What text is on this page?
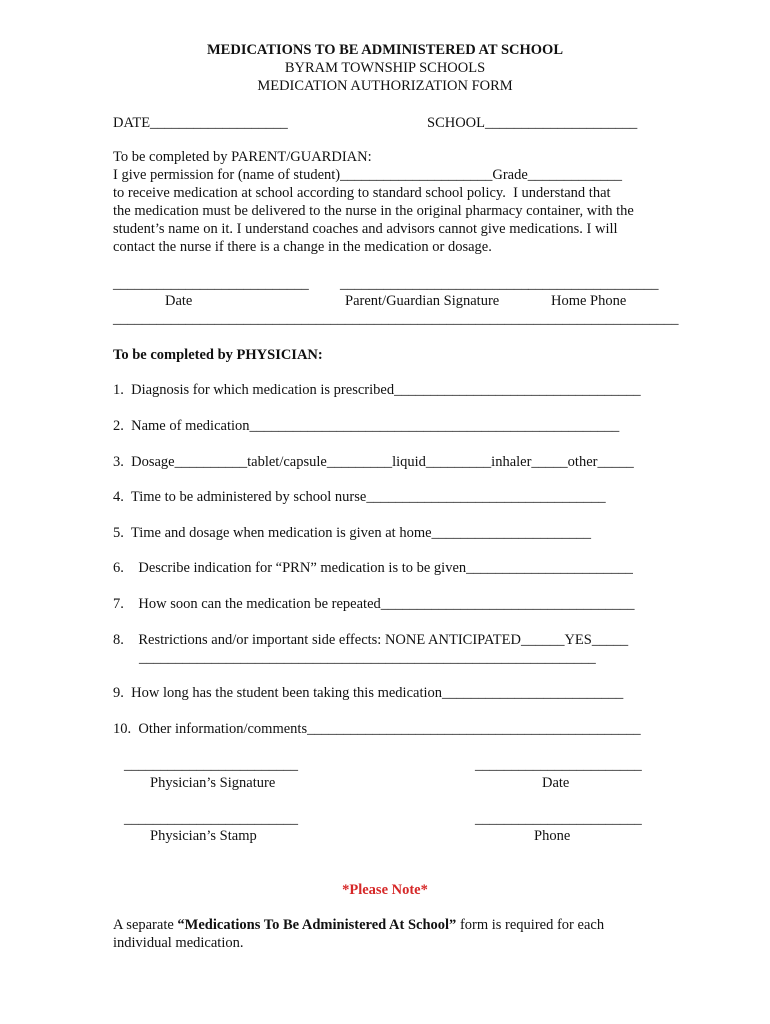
MEDICATIONS TO BE ADMINISTERED AT SCHOOL
BYRAM TOWNSHIP SCHOOLS
MEDICATION AUTHORIZATION FORM
DATE___________________	SCHOOL_____________________
To be completed by PARENT/GUARDIAN:
I give permission for (name of student)_____________________Grade_____________
to receive medication at school according to standard school policy.  I understand that
the medication must be delivered to the nurse in the original pharmacy container, with the
student’s name on it. I understand coaches and advisors cannot give medications. I will
contact the nurse if there is a change in the medication or dosage.
___________________________ __________________________ __________________
Date	Parent/Guardian Signature	Home Phone
______________________________________________________________________________
To be completed by PHYSICIAN:
1.  Diagnosis for which medication is prescribed__________________________________
2.  Name of medication___________________________________________________
3.  Dosage__________tablet/capsule_________liquid_________inhaler_____other_____
4.  Time to be administered by school nurse_________________________________
5.  Time and dosage when medication is given at home______________________
6.    Describe indication for “PRN” medication is to be given_______________________
7.    How soon can the medication be repeated___________________________________
8.    Restrictions and/or important side effects: NONE ANTICIPATED______YES_____
_______________________________________________________________
9.  How long has the student been taking this medication_________________________
10.  Other information/comments______________________________________________
________________________	_______________________
Physician’s Signature	Date
________________________	_______________________
Physician’s Stamp	Phone
*Please Note*
A separate “Medications To Be Administered At School” form is required for each
individual medication.
